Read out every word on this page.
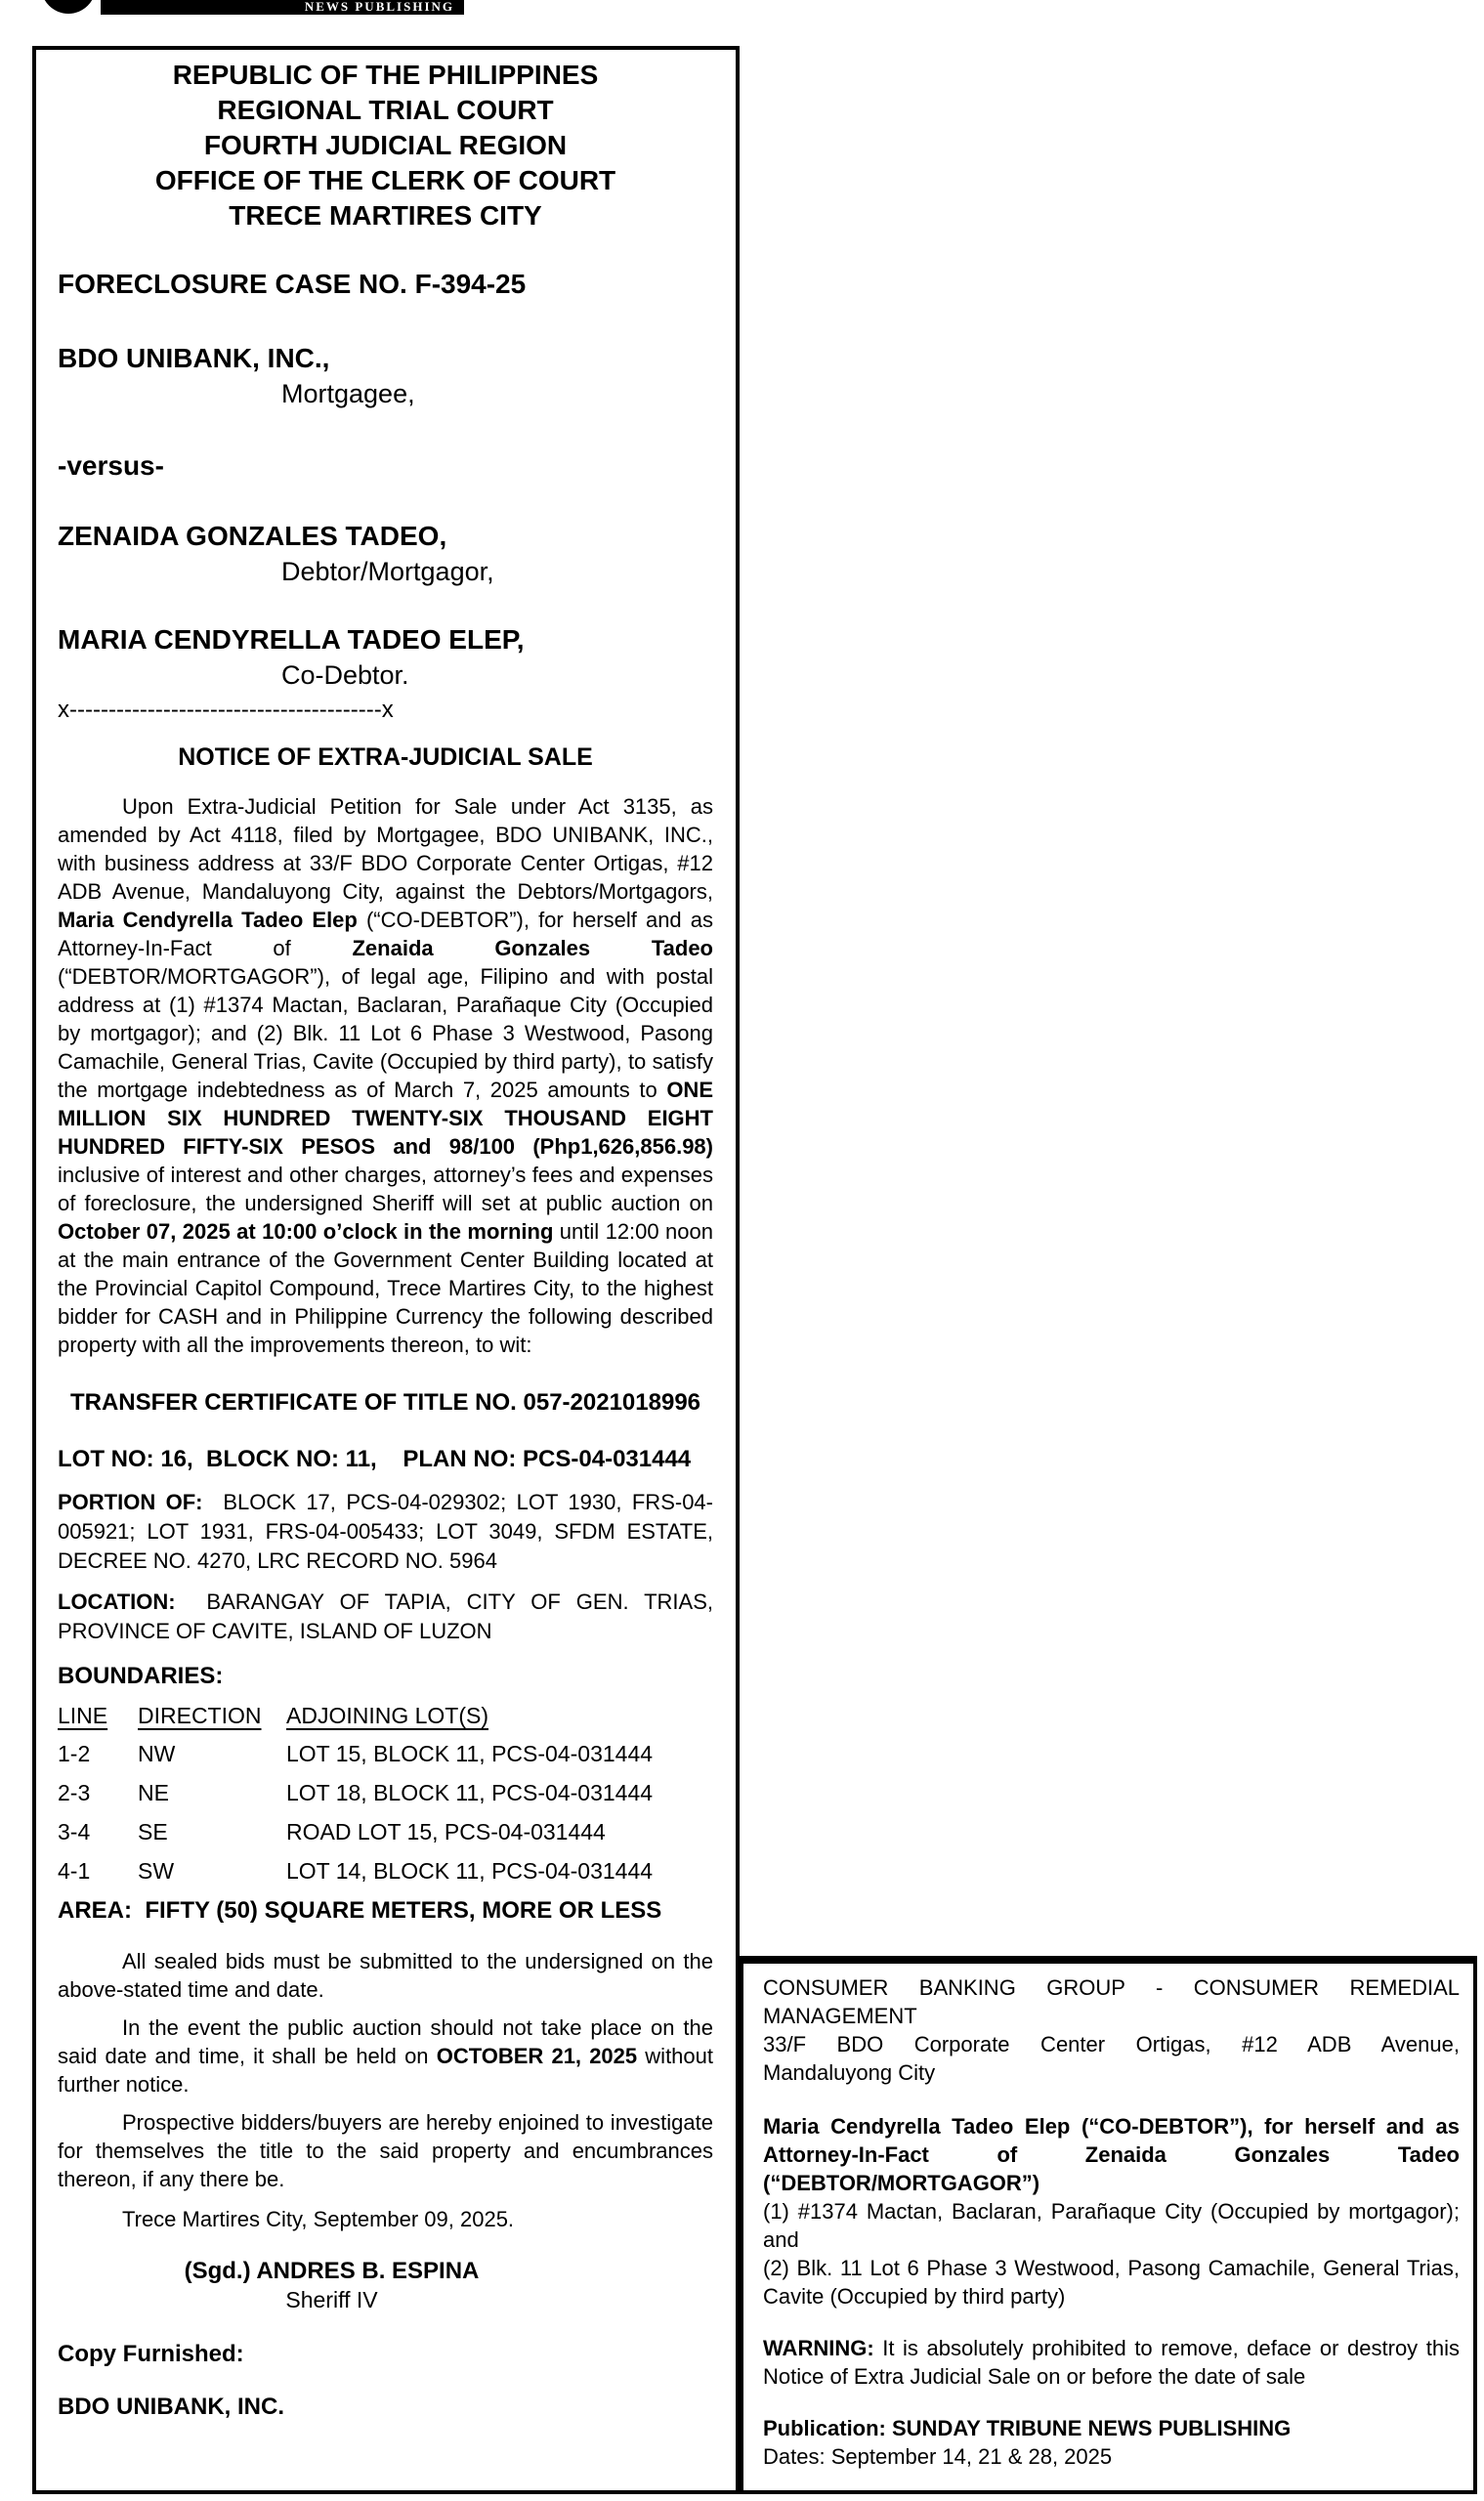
NEWS PUBLISHING
REPUBLIC OF THE PHILIPPINES
REGIONAL TRIAL COURT
FOURTH JUDICIAL REGION
OFFICE OF THE CLERK OF COURT
TRECE MARTIRES CITY
FORECLOSURE CASE NO. F-394-25
BDO UNIBANK, INC.,
Mortgagee,
-versus-
ZENAIDA GONZALES TADEO,
Debtor/Mortgagor,
MARIA CENDYRELLA TADEO ELEP,
Co-Debtor.
x----------------------------------------x
NOTICE OF EXTRA-JUDICIAL SALE
Upon Extra-Judicial Petition for Sale under Act 3135, as amended by Act 4118, filed by Mortgagee, BDO UNIBANK, INC., with business address at 33/F BDO Corporate Center Ortigas, #12 ADB Avenue, Mandaluyong City, against the Debtors/Mortgagors, Maria Cendyrella Tadeo Elep (“CO-DEBTOR”), for herself and as Attorney-In-Fact of Zenaida Gonzales Tadeo (“DEBTOR/MORTGAGOR”), of legal age, Filipino and with postal address at (1) #1374 Mactan, Baclaran, Parañaque City (Occupied by mortgagor); and (2) Blk. 11 Lot 6 Phase 3 Westwood, Pasong Camachile, General Trias, Cavite (Occupied by third party), to satisfy the mortgage indebtedness as of March 7, 2025 amounts to ONE MILLION SIX HUNDRED TWENTY-SIX THOUSAND EIGHT HUNDRED FIFTY-SIX PESOS and 98/100 (Php1,626,856.98) inclusive of interest and other charges, attorney’s fees and expenses of foreclosure, the undersigned Sheriff will set at public auction on October 07, 2025 at 10:00 o’clock in the morning until 12:00 noon at the main entrance of the Government Center Building located at the Provincial Capitol Compound, Trece Martires City, to the highest bidder for CASH and in Philippine Currency the following described property with all the improvements thereon, to wit:
TRANSFER CERTIFICATE OF TITLE NO. 057-2021018996
LOT NO: 16,  BLOCK NO: 11,    PLAN NO: PCS-04-031444
PORTION OF:  BLOCK 17, PCS-04-029302; LOT 1930, FRS-04-005921; LOT 1931, FRS-04-005433; LOT 3049, SFDM ESTATE, DECREE NO. 4270, LRC RECORD NO. 5964
LOCATION:  BARANGAY OF TAPIA, CITY OF GEN. TRIAS, PROVINCE OF CAVITE, ISLAND OF LUZON
BOUNDARIES:
LINE	DIRECTION	ADJOINING LOT(S)
1-2	NW	LOT 15, BLOCK 11, PCS-04-031444
2-3	NE	LOT 18, BLOCK 11, PCS-04-031444
3-4	SE	ROAD LOT 15, PCS-04-031444
4-1	SW	LOT 14, BLOCK 11, PCS-04-031444
AREA:  FIFTY (50) SQUARE METERS, MORE OR LESS
All sealed bids must be submitted to the undersigned on the above-stated time and date.
In the event the public auction should not take place on the said date and time, it shall be held on OCTOBER 21, 2025 without further notice.
Prospective bidders/buyers are hereby enjoined to investigate for themselves the title to the said property and encumbrances thereon, if any there be.
Trece Martires City, September 09, 2025.
(Sgd.) ANDRES B. ESPINA
Sheriff IV
Copy Furnished:
BDO UNIBANK, INC.
CONSUMER BANKING GROUP - CONSUMER REMEDIAL
MANAGEMENT
33/F BDO Corporate Center Ortigas, #12 ADB Avenue,
Mandaluyong City
Maria Cendyrella Tadeo Elep (“CO-DEBTOR”), for herself and as Attorney-In-Fact of Zenaida Gonzales Tadeo (“DEBTOR/MORTGAGOR”)
(1) #1374 Mactan, Baclaran, Parañaque City (Occupied by mortgagor); and
(2) Blk. 11 Lot 6 Phase 3 Westwood, Pasong Camachile, General Trias, Cavite (Occupied by third party)
WARNING: It is absolutely prohibited to remove, deface or destroy this Notice of Extra Judicial Sale on or before the date of sale
Publication: SUNDAY TRIBUNE NEWS PUBLISHING
Dates: September 14, 21 & 28, 2025
